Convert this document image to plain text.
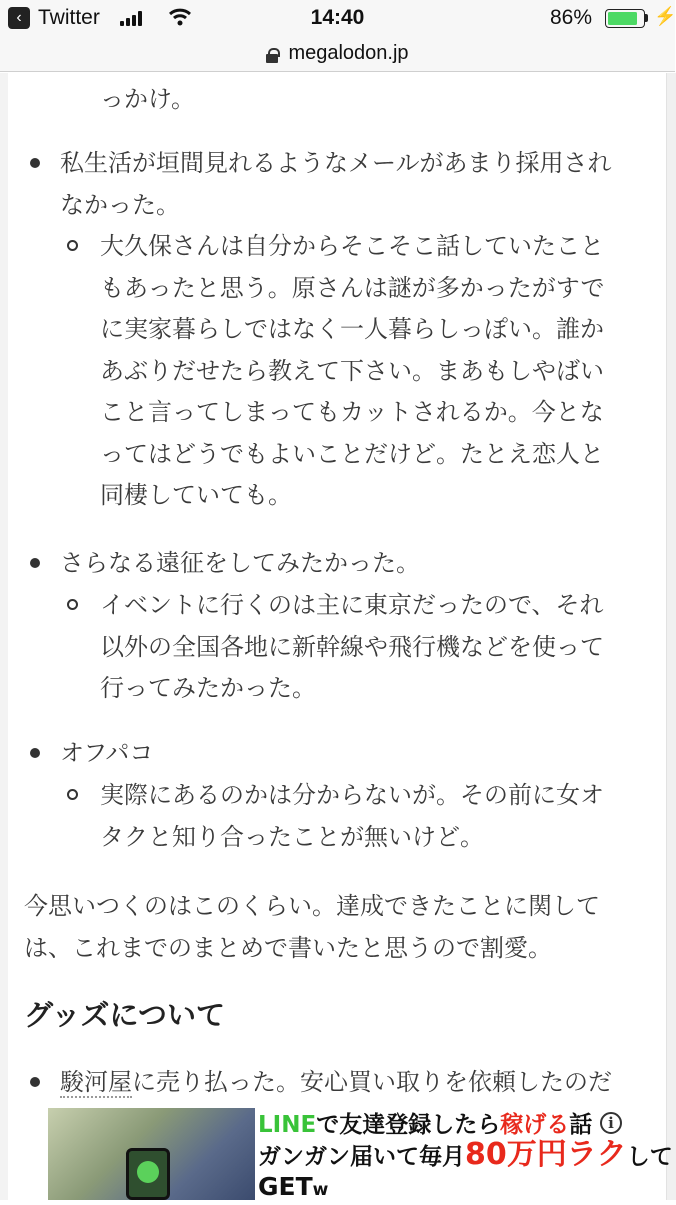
‹ Twitter	14:40	86%	⚡
megalodon.jp
っかけ。
私生活が垣間見れるようなメールがあまり採用され
なかった。
大久保さんは自分からそこそこ話していたこと
もあったと思う。原さんは謎が多かったがすで
に実家暮らしではなく一人暮らしっぽい。誰か
あぶりだせたら教えて下さい。まあもしやばい
こと言ってしまってもカットされるか。今とな
ってはどうでもよいことだけど。たとえ恋人と
同棲していても。
さらなる遠征をしてみたかった。
イベントに行くのは主に東京だったので、それ
以外の全国各地に新幹線や飛行機などを使って
行ってみたかった。
オフパコ
実際にあるのかは分からないが。その前に女オ
タクと知り合ったことが無いけど。
今思いつくのはこのくらい。達成できたことに関して
は、これまでのまとめで書いたと思うので割愛。
グッズについて
駿河屋に売り払った。安心買い取りを依頼したのだ
LINEで友達登録したら稼げる話
ガンガン届いて毎月80万円ラクして
GETw
i
